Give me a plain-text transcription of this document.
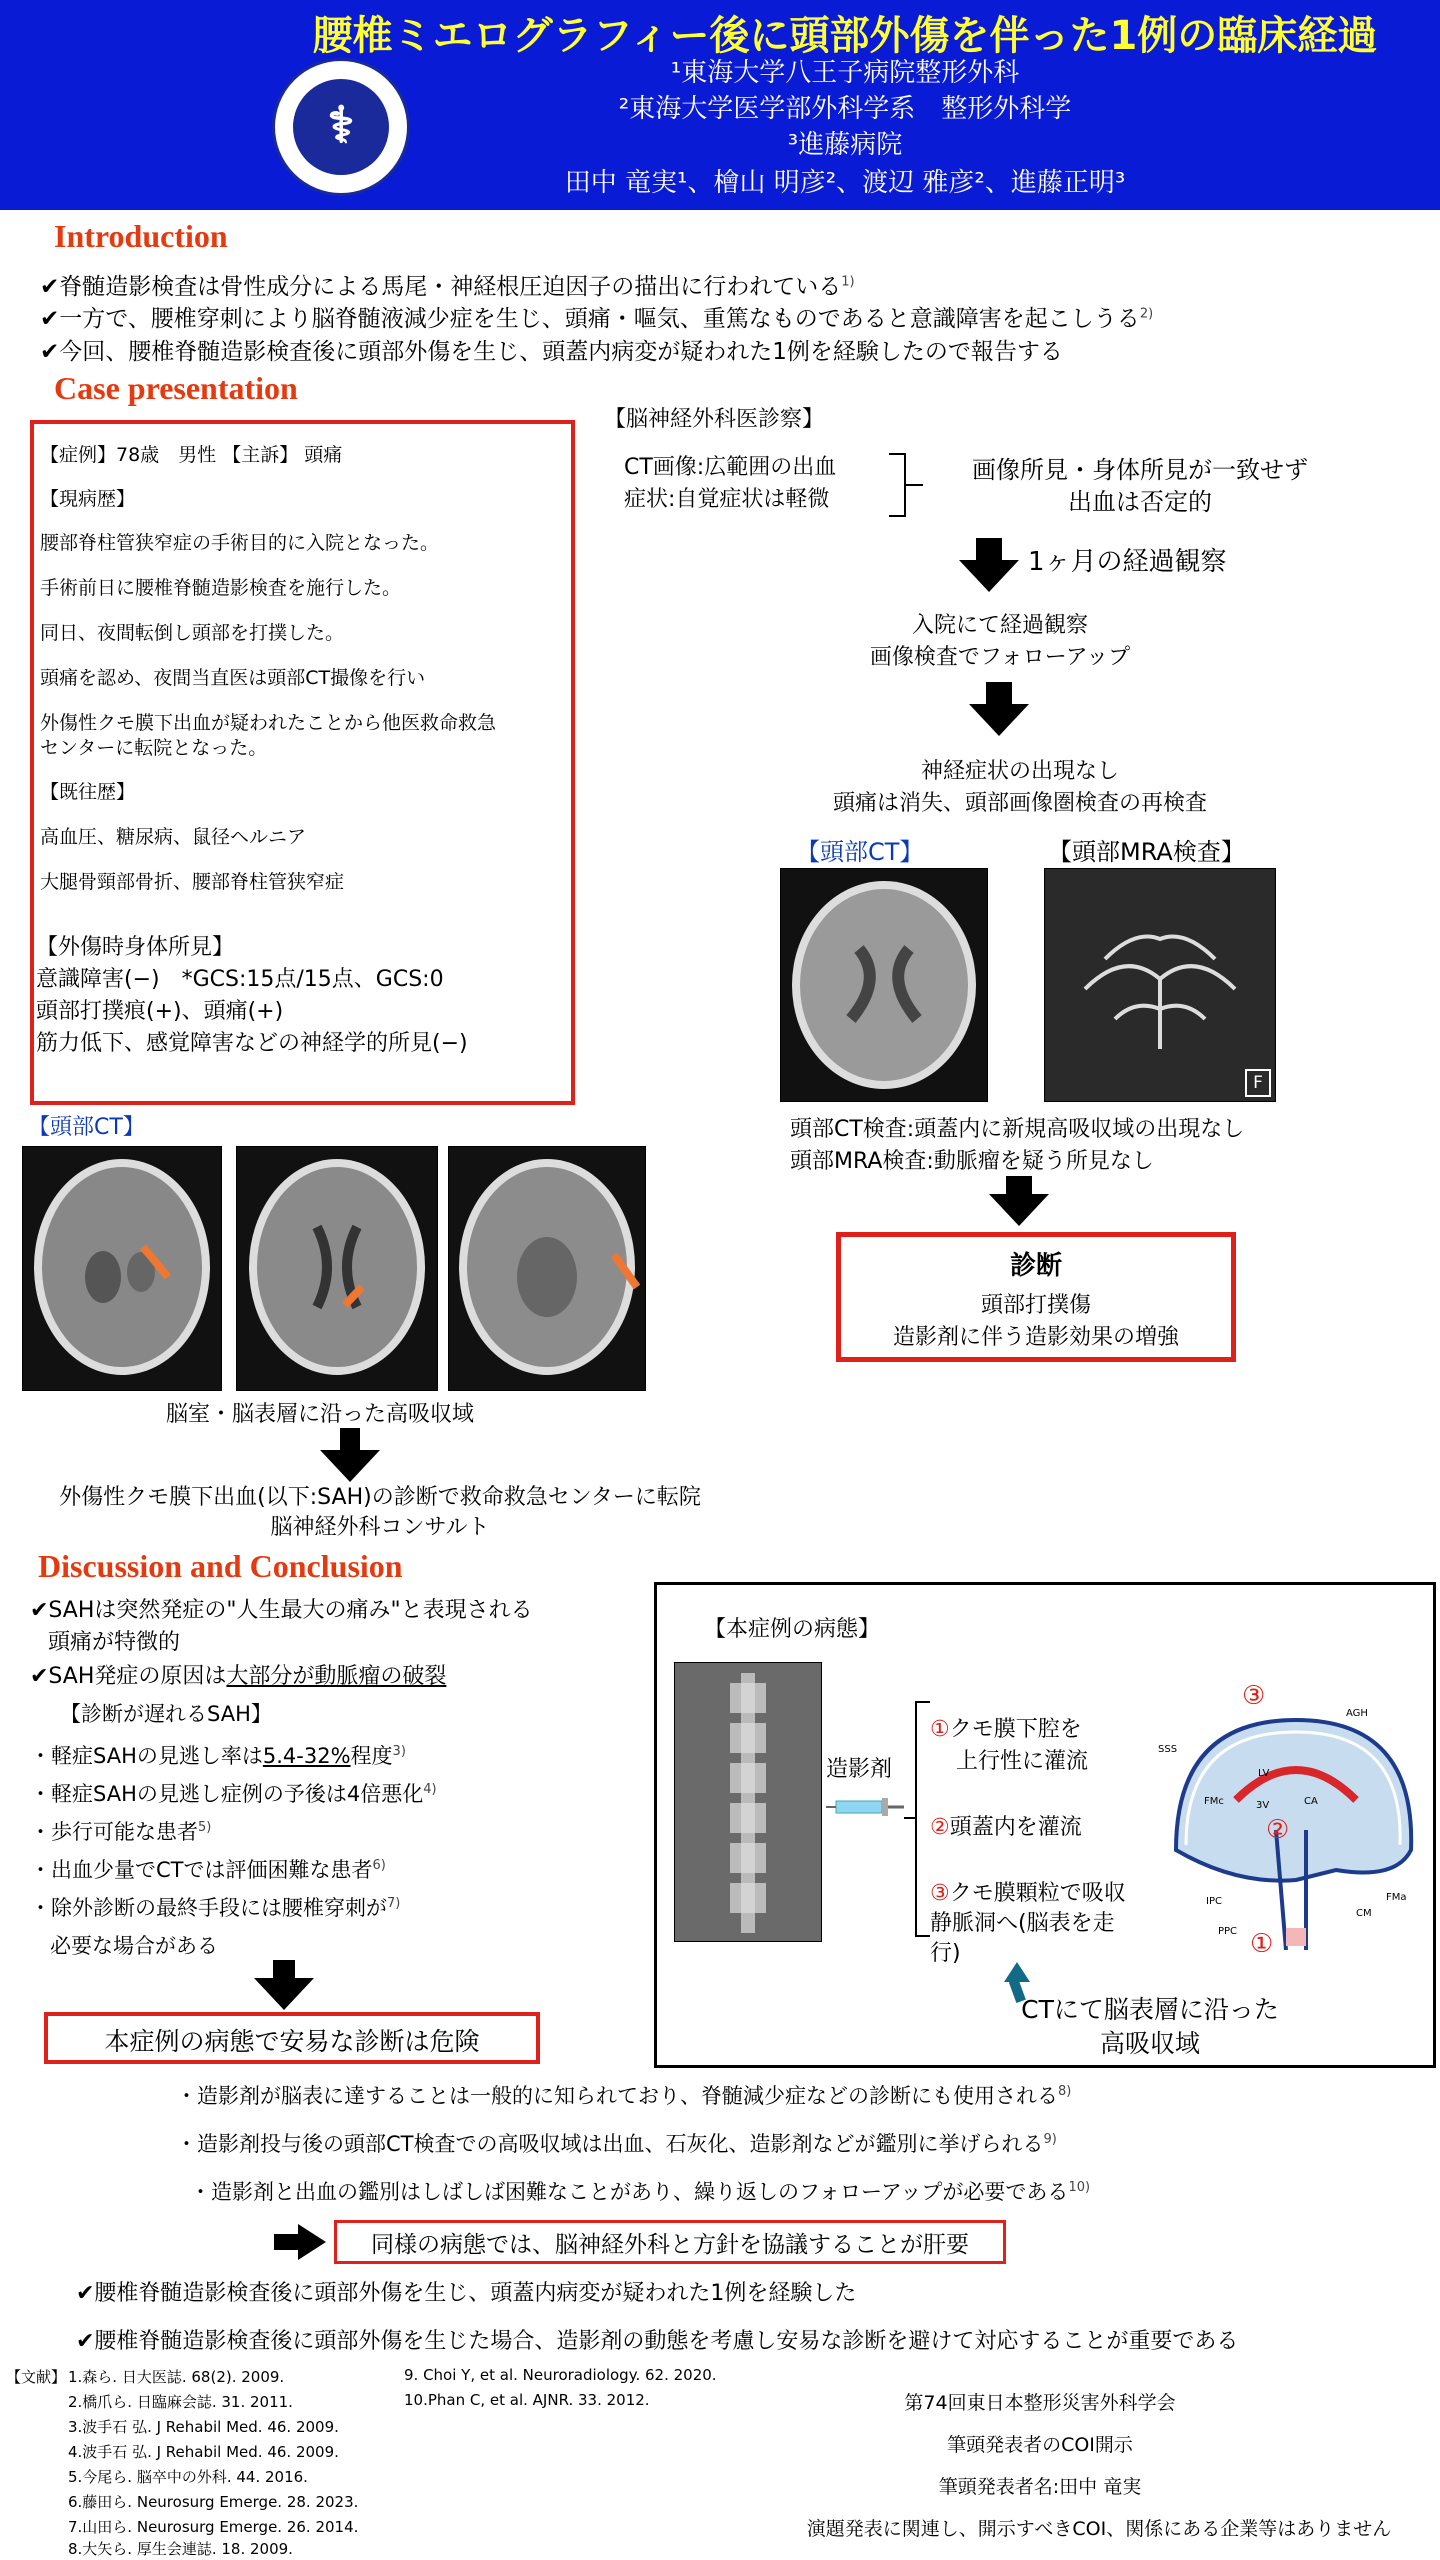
腰椎ミエログラフィー後に頭部外傷を伴った1例の臨床経過
¹東海大学八王子病院整形外科
²東海大学医学部外科学系　整形外科学
³進藤病院
田中 竜実¹、檜山 明彦²、渡辺 雅彦²、進藤正明³
⚕
Introduction
✔脊髄造影検査は骨性成分による馬尾・神経根圧迫因子の描出に行われている$^{1)}$
✔一方で、腰椎穿刺により脳脊髄液減少症を生じ、頭痛・嘔気、重篤なものであると意識障害を起こしうる$^{2)}$
✔今回、腰椎脊髄造影検査後に頭部外傷を生じ、頭蓋内病変が疑われた1例を経験したので報告する
Case presentation
【症例】78歳　男性 【主訴】 頭痛
【現病歴】
腰部脊柱管狭窄症の手術目的に入院となった。
手術前日に腰椎脊髄造影検査を施行した。
同日、夜間転倒し頭部を打撲した。
頭痛を認め、夜間当直医は頭部CT撮像を行い
外傷性クモ膜下出血が疑われたことから他医救命救急
センターに転院となった。
【既往歴】
高血圧、糖尿病、鼠径ヘルニア
大腿骨頸部骨折、腰部脊柱管狭窄症
【外傷時身体所見】
意識障害(−)　*GCS:15点/15点、GCS:0
頭部打撲痕(+)、頭痛(+)
筋力低下、感覚障害などの神経学的所見(−)
【頭部CT】
脳室・脳表層に沿った高吸収域
外傷性クモ膜下出血(以下:SAH)の診断で救命救急センターに転院
脳神経外科コンサルト
【脳神経外科医診察】
CT画像:広範囲の出血
症状:自覚症状は軽微
画像所見・身体所見が一致せず
出血は否定的
1ヶ月の経過観察
入院にて経過観察
画像検査でフォローアップ
神経症状の出現なし
頭痛は消失、頭部画像圏検査の再検査
【頭部CT】	【頭部MRA検査】
F
頭部CT検査:頭蓋内に新規高吸収域の出現なし
頭部MRA検査:動脈瘤を疑う所見なし
診断
頭部打撲傷
造影剤に伴う造影効果の増強
Discussion and Conclusion
✔SAHは突然発症の"人生最大の痛み"と表現される
頭痛が特徴的
✔SAH発症の原因は大部分が動脈瘤の破裂
【診断が遅れるSAH】
・軽症SAHの見逃し率は5.4-32%程度$^{3)}$
・軽症SAHの見逃し症例の予後は4倍悪化$^{4)}$
・歩行可能な患者$^{5)}$
・出血少量でCTでは評価困難な患者$^{6)}$
・除外診断の最終手段には腰椎穿刺が$^{7)}$
必要な場合がある
本症例の病態で安易な診断は危険
【本症例の病態】
造影剤
①クモ膜下腔を
上行性に灌流
②頭蓋内を灌流
③クモ膜顆粒で吸収
静脈洞へ(脳表を走
行)
CTにて脳表層に沿った
高吸収域
SSS
AGH
LV
3V	CA
FMc
IPC
PPC
CM
FMa
③
②
①
・造影剤が脳表に達することは一般的に知られており、脊髄減少症などの診断にも使用される$^{8)}$
・造影剤投与後の頭部CT検査での高吸収域は出血、石灰化、造影剤などが鑑別に挙げられる$^{9)}$
・造影剤と出血の鑑別はしばしば困難なことがあり、繰り返しのフォローアップが必要である$^{10)}$
同様の病態では、脳神経外科と方針を協議することが肝要
✔腰椎脊髄造影検査後に頭部外傷を生じ、頭蓋内病変が疑われた1例を経験した
✔腰椎脊髄造影検査後に頭部外傷を生じた場合、造影剤の動態を考慮し安易な診断を避けて対応することが重要である
【文献】 1.森ら. 日大医誌. 68(2). 2009.
2.橋爪ら. 日臨麻会誌. 31. 2011.
3.波手石 弘. J Rehabil Med. 46. 2009.
4.波手石 弘. J Rehabil Med. 46. 2009.
5.今尾ら. 脳卒中の外科. 44. 2016.
6.藤田ら. Neurosurg Emerge. 28. 2023.
7.山田ら. Neurosurg Emerge. 26. 2014.
8.大矢ら. 厚生会連誌. 18. 2009.
9. Choi Y, et al. Neuroradiology. 62. 2020.
10.Phan C, et al. AJNR. 33. 2012.	第74回東日本整形災害外科学会
筆頭発表者のCOI開示
筆頭発表者名:田中 竜実
演題発表に関連し、開示すべきCOI、関係にある企業等はありません
